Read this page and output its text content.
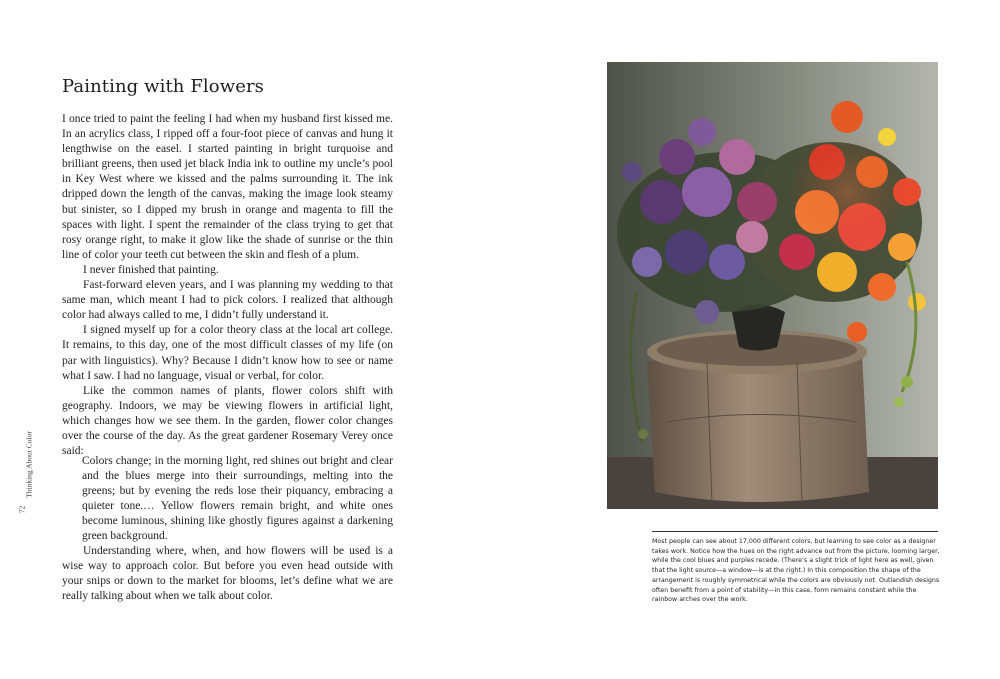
Painting with Flowers

I once tried to paint the feeling I had when my husband first kissed me. In an acrylics class, I ripped off a four-foot piece of canvas and hung it lengthwise on the easel. I started painting in bright turquoise and brilliant greens, then used jet black India ink to outline my uncle’s pool in Key West where we kissed and the palms surrounding it. The ink dripped down the length of the canvas, making the image look steamy but sinister, so I dipped my brush in orange and magenta to fill the spaces with light. I spent the remainder of the class trying to get that rosy orange right, to make it glow like the shade of sunrise or the thin line of color your teeth cut between the skin and flesh of a plum.

I never finished that painting.

Fast-forward eleven years, and I was planning my wedding to that same man, which meant I had to pick colors. I realized that although color had always called to me, I didn’t fully understand it.

I signed myself up for a color theory class at the local art college. It remains, to this day, one of the most difficult classes of my life (on par with linguistics). Why? Because I didn’t know how to see or name what I saw. I had no language, visual or verbal, for color.

Like the common names of plants, flower colors shift with geography. Indoors, we may be viewing flowers in artificial light, which changes how we see them. In the garden, flower color changes over the course of the day. As the great gardener Rosemary Verey once said:

Colors change; in the morning light, red shines out bright and clear and the blues merge into their surroundings, melting into the greens; but by evening the reds lose their piquancy, embracing a quieter tone.… Yellow flowers remain bright, and white ones become luminous, shining like ghostly figures against a darkening green background.

Understanding where, when, and how flowers will be used is a wise way to approach color. But before you even head outside with your snips or down to the market for blooms, let’s define what we are really talking about when we talk about color.

Thinking About Color
72

Most people can see about 17,000 different colors, but learning to see color as a designer takes work. Notice how the hues on the right advance out from the picture, looming larger, while the cool blues and purples recede. (There’s a slight trick of light here as well, given that the light source—a window—is at the right.) In this composition the shape of the arrangement is roughly symmetrical while the colors are obviously not. Outlandish designs often benefit from a point of stability—in this case, form remains constant while the rainbow arches over the work.
